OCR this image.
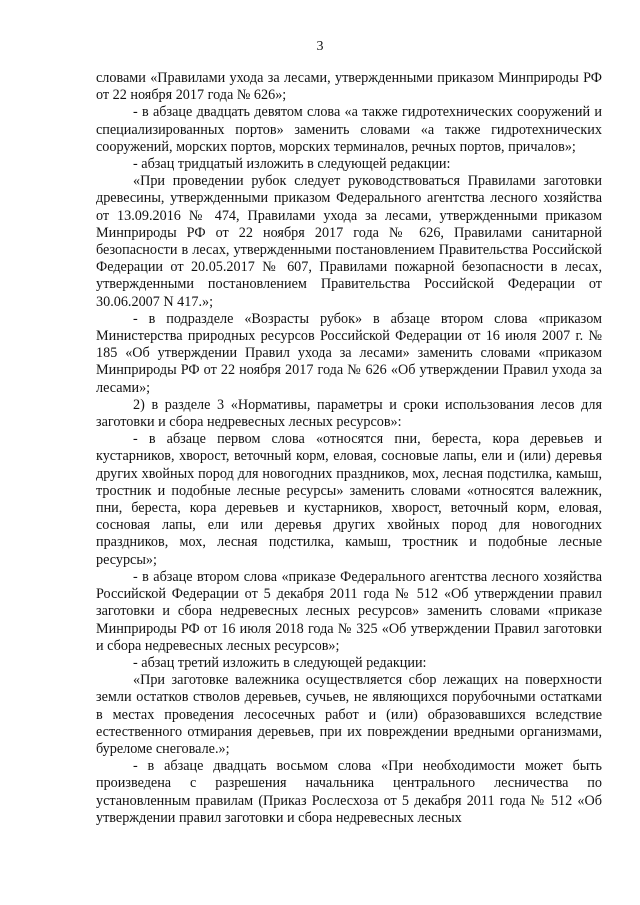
3

словами «Правилами ухода за лесами, утвержденными приказом Минприроды РФ от 22 ноября 2017 года № 626»;

- в абзаце двадцать девятом слова «а также гидротехнических сооружений и специализированных портов» заменить словами «а также гидротехнических сооружений, морских портов, морских терминалов, речных портов, причалов»;

- абзац тридцатый изложить в следующей редакции:

«При проведении рубок следует руководствоваться Правилами заготовки древесины, утвержденными приказом Федерального агентства лесного хозяйства от 13.09.2016 № 474, Правилами ухода за лесами, утвержденными приказом Минприроды РФ от 22 ноября 2017 года № 626, Правилами санитарной безопасности в лесах, утвержденными постановлением Правительства Российской Федерации от 20.05.2017 № 607, Правилами пожарной безопасности в лесах, утвержденными постановлением Правительства Российской Федерации от 30.06.2007 N 417.»;

- в подразделе «Возрасты рубок» в абзаце втором слова «приказом Министерства природных ресурсов Российской Федерации от 16 июля 2007 г. № 185 «Об утверждении Правил ухода за лесами» заменить словами «приказом Минприроды РФ от 22 ноября 2017 года № 626 «Об утверждении Правил ухода за лесами»;

2) в разделе 3 «Нормативы, параметры и сроки использования лесов для заготовки и сбора недревесных лесных ресурсов»:

- в абзаце первом слова «относятся пни, береста, кора деревьев и кустарников, хворост, веточный корм, еловая, сосновые лапы, ели и (или) деревья других хвойных пород для новогодних праздников, мох, лесная подстилка, камыш, тростник и подобные лесные ресурсы» заменить словами «относятся валежник, пни, береста, кора деревьев и кустарников, хворост, веточный корм, еловая, сосновая лапы, ели или деревья других хвойных пород для новогодних праздников, мох, лесная подстилка, камыш, тростник и подобные лесные ресурсы»;

- в абзаце втором слова «приказе Федерального агентства лесного хозяйства Российской Федерации от 5 декабря 2011 года № 512 «Об утверждении правил заготовки и сбора недревесных лесных ресурсов» заменить словами «приказе Минприроды РФ от 16 июля 2018 года № 325 «Об утверждении Правил заготовки и сбора недревесных лесных ресурсов»;

- абзац третий изложить в следующей редакции:

«При заготовке валежника осуществляется сбор лежащих на поверхности земли остатков стволов деревьев, сучьев, не являющихся порубочными остатками в местах проведения лесосечных работ и (или) образовавшихся вследствие естественного отмирания деревьев, при их повреждении вредными организмами, буреломе снеговале.»;

- в абзаце двадцать восьмом слова «При необходимости может быть произведена с разрешения начальника центрального лесничества по установленным правилам (Приказ Рослесхоза от 5 декабря 2011 года № 512 «Об утверждении правил заготовки и сбора недревесных лесных
